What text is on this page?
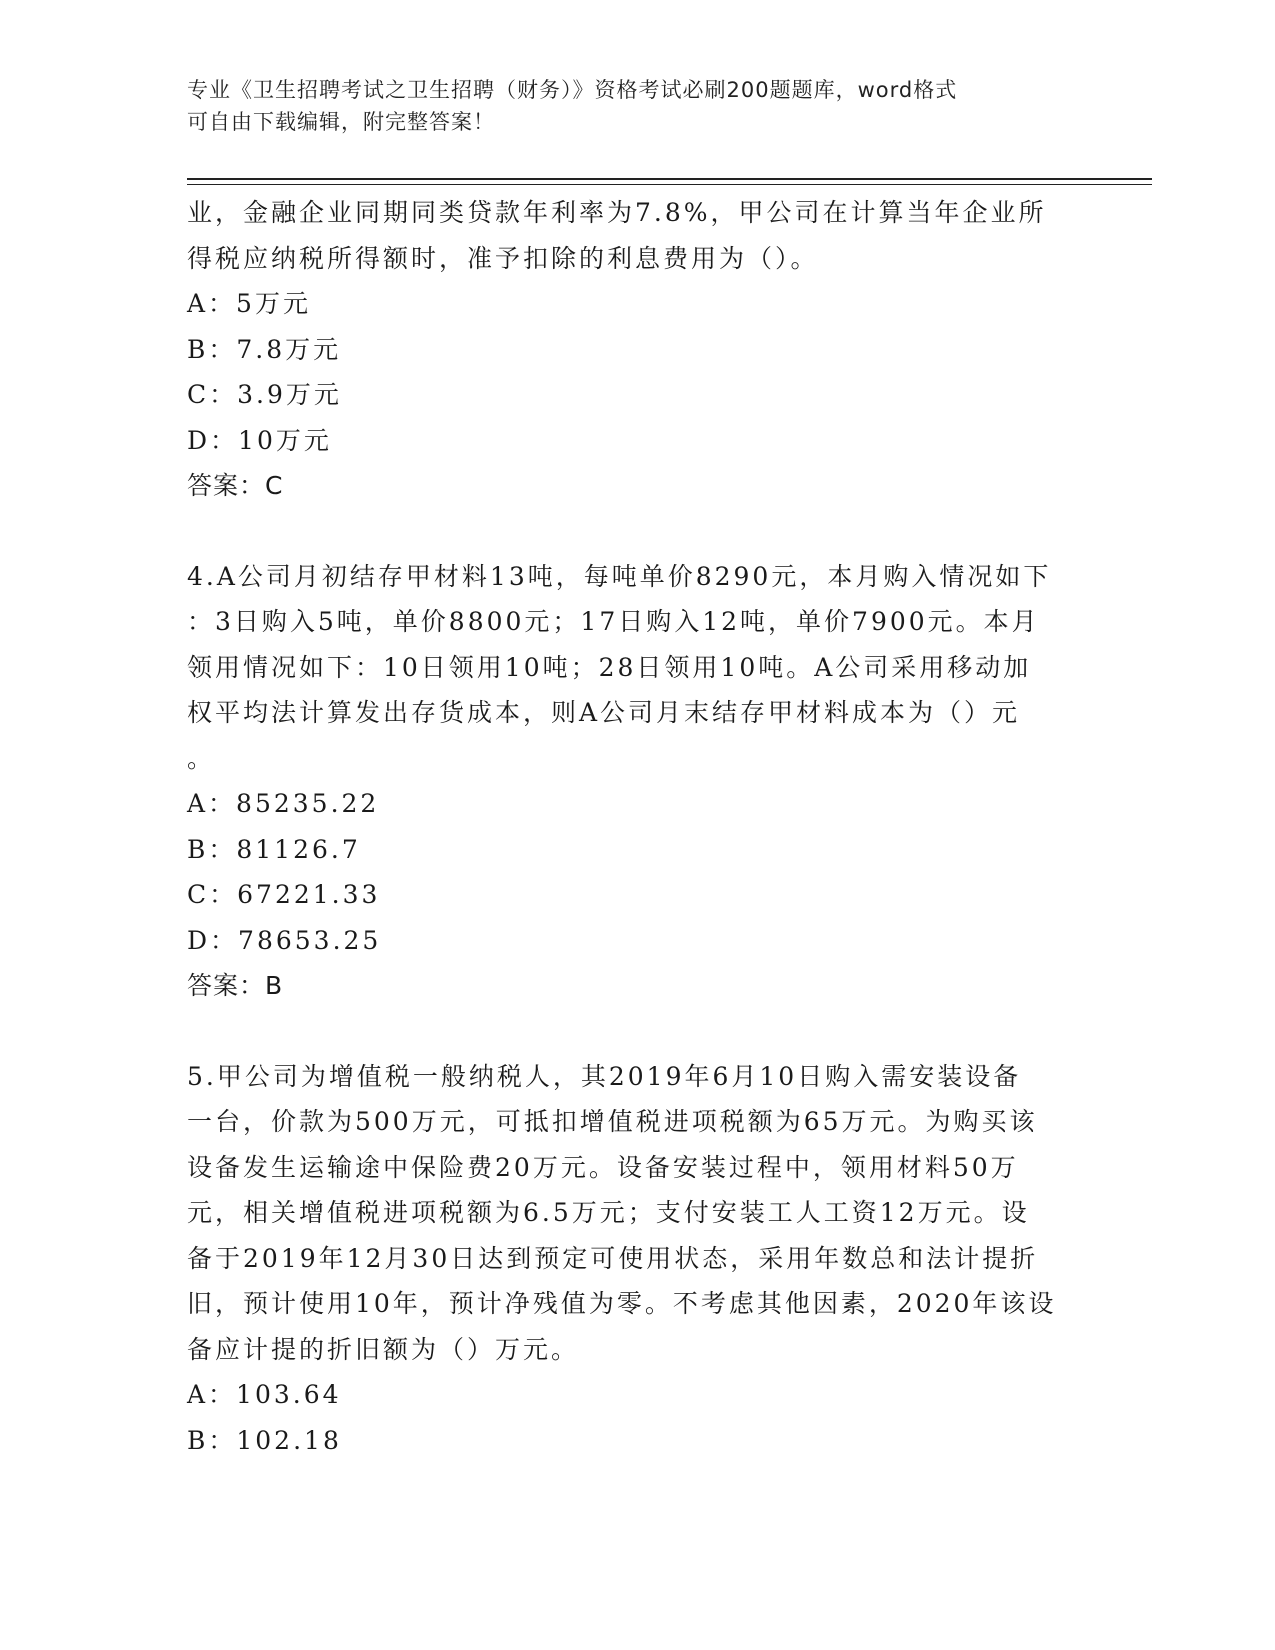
专业《卫生招聘考试之卫生招聘（财务）》资格考试必刷200题题库，word格式
可自由下载编辑，附完整答案！

业，金融企业同期同类贷款年利率为7.8%，甲公司在计算当年企业所

得税应纳税所得额时，准予扣除的利息费用为（）。

A：5万元

B：7.8万元

C：3.9万元

D：10万元

答案：C

4.A公司月初结存甲材料13吨，每吨单价8290元，本月购入情况如下

：3日购入5吨，单价8800元；17日购入12吨，单价7900元。本月

领用情况如下：10日领用10吨；28日领用10吨。A公司采用移动加

权平均法计算发出存货成本，则A公司月末结存甲材料成本为（）元

。

A：85235.22

B：81126.7

C：67221.33

D：78653.25

答案：B

5.甲公司为增值税一般纳税人，其2019年6月10日购入需安装设备

一台，价款为500万元，可抵扣增值税进项税额为65万元。为购买该

设备发生运输途中保险费20万元。设备安装过程中，领用材料50万

元，相关增值税进项税额为6.5万元；支付安装工人工资12万元。设

备于2019年12月30日达到预定可使用状态，采用年数总和法计提折

旧，预计使用10年，预计净残值为零。不考虑其他因素，2020年该设

备应计提的折旧额为（）万元。

A：103.64

B：102.18
